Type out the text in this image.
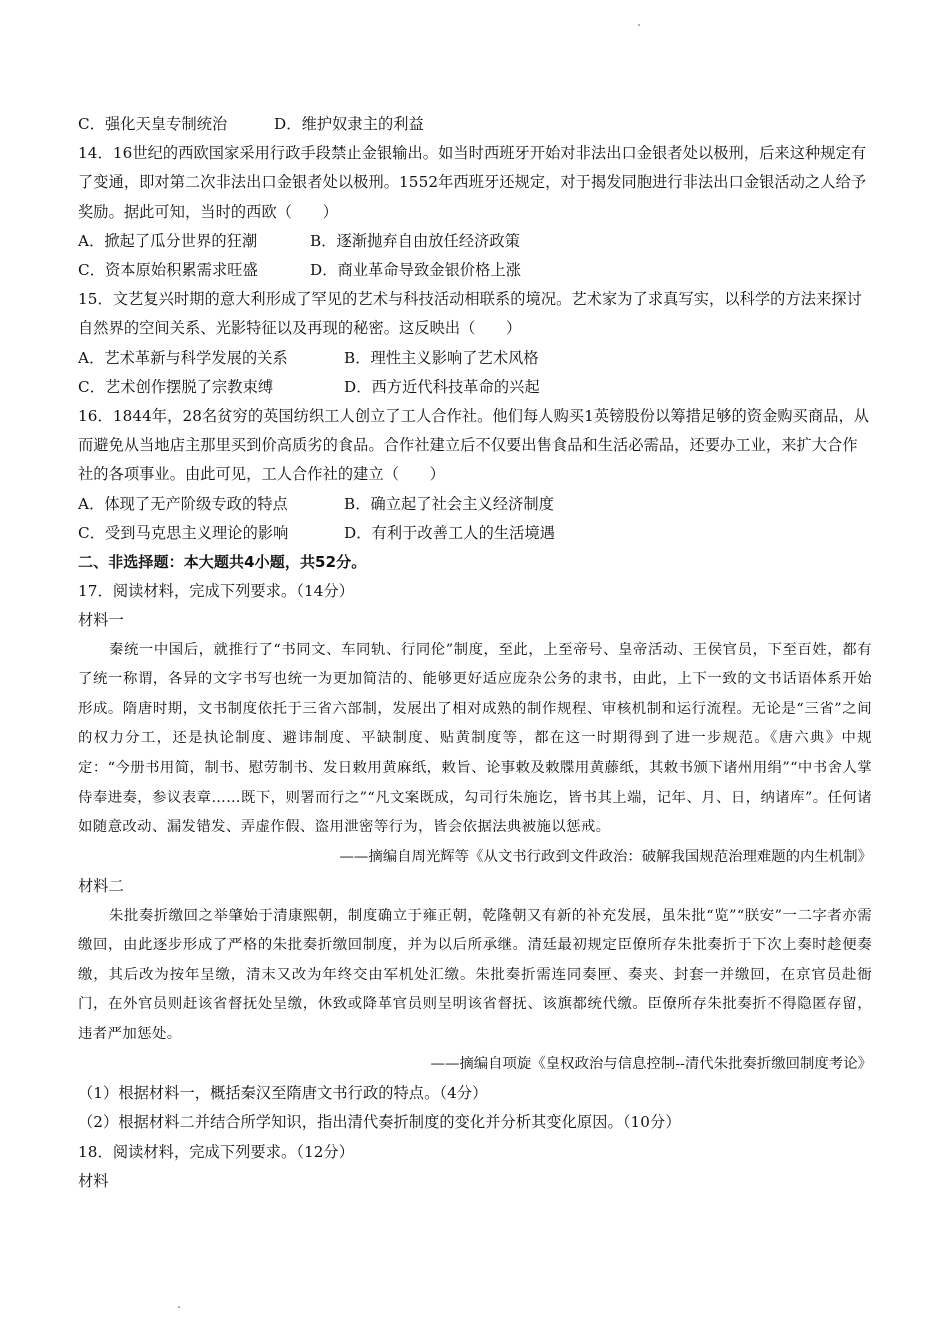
C．强化天皇专制统治	D．维护奴隶主的利益
14．16世纪的西欧国家采用行政手段禁止金银输出。如当时西班牙开始对非法出口金银者处以极刑，后来这种规定有了变通，即对第二次非法出口金银者处以极刑。1552年西班牙还规定，对于揭发同胞进行非法出口金银活动之人给予奖励。据此可知，当时的西欧（　　）
A．掀起了瓜分世界的狂潮	B．逐渐抛弃自由放任经济政策
C．资本原始积累需求旺盛	D．商业革命导致金银价格上涨
15．文艺复兴时期的意大利形成了罕见的艺术与科技活动相联系的境况。艺术家为了求真写实，以科学的方法来探讨自然界的空间关系、光影特征以及再现的秘密。这反映出（　　）
A．艺术革新与科学发展的关系	B．理性主义影响了艺术风格
C．艺术创作摆脱了宗教束缚	D．西方近代科技革命的兴起
16．1844年，28名贫穷的英国纺织工人创立了工人合作社。他们每人购买1英镑股份以筹措足够的资金购买商品，从而避免从当地店主那里买到价高质劣的食品。合作社建立后不仅要出售食品和生活必需品，还要办工业，来扩大合作社的各项事业。由此可见，工人合作社的建立（　　）
A．体现了无产阶级专政的特点	B．确立起了社会主义经济制度
C．受到马克思主义理论的影响	D．有利于改善工人的生活境遇
二、非选择题：本大题共4小题，共52分。
17．阅读材料，完成下列要求。（14分）
材料一
秦统一中国后，就推行了“书同文、车同轨、行同伦”制度，至此，上至帝号、皇帝活动、王侯官员，下至百姓，都有了统一称谓，各异的文字书写也统一为更加简洁的、能够更好适应庞杂公务的隶书，由此，上下一致的文书话语体系开始形成。隋唐时期，文书制度依托于三省六部制，发展出了相对成熟的制作规程、审核机制和运行流程。无论是“三省”之间的权力分工，还是执论制度、避讳制度、平缺制度、贴黄制度等，都在这一时期得到了进一步规范。《唐六典》中规定：“今册书用简，制书、慰劳制书、发日敕用黄麻纸，敕旨、论事敕及敕牒用黄藤纸，其敕书颁下诸州用绢”“中书舍人掌侍奉进奏，参议表章……既下，则署而行之”“凡文案既成，勾司行朱施讫，皆书其上端，记年、月、日，纳诸库”。任何诸如随意改动、漏发错发、弄虚作假、盗用泄密等行为，皆会依据法典被施以惩戒。
——摘编自周光辉等《从文书行政到文件政治：破解我国规范治理难题的内生机制》
材料二
朱批奏折缴回之举肇始于清康熙朝，制度确立于雍正朝，乾隆朝又有新的补充发展，虽朱批“览”“朕安”一二字者亦需缴回，由此逐步形成了严格的朱批奏折缴回制度，并为以后所承继。清廷最初规定臣僚所存朱批奏折于下次上奏时趁便奏缴，其后改为按年呈缴，清末又改为年终交由军机处汇缴。朱批奏折需连同奏匣、奏夹、封套一并缴回，在京官员赴衙门，在外官员则赶该省督抚处呈缴，休致或降革官员则呈明该省督抚、该旗都统代缴。臣僚所存朱批奏折不得隐匿存留，违者严加惩处。
——摘编自项旋《皇权政治与信息控制--清代朱批奏折缴回制度考论》
（1）根据材料一，概括秦汉至隋唐文书行政的特点。（4分）
（2）根据材料二并结合所学知识，指出清代奏折制度的变化并分析其变化原因。（10分）
18．阅读材料，完成下列要求。（12分）
材料
